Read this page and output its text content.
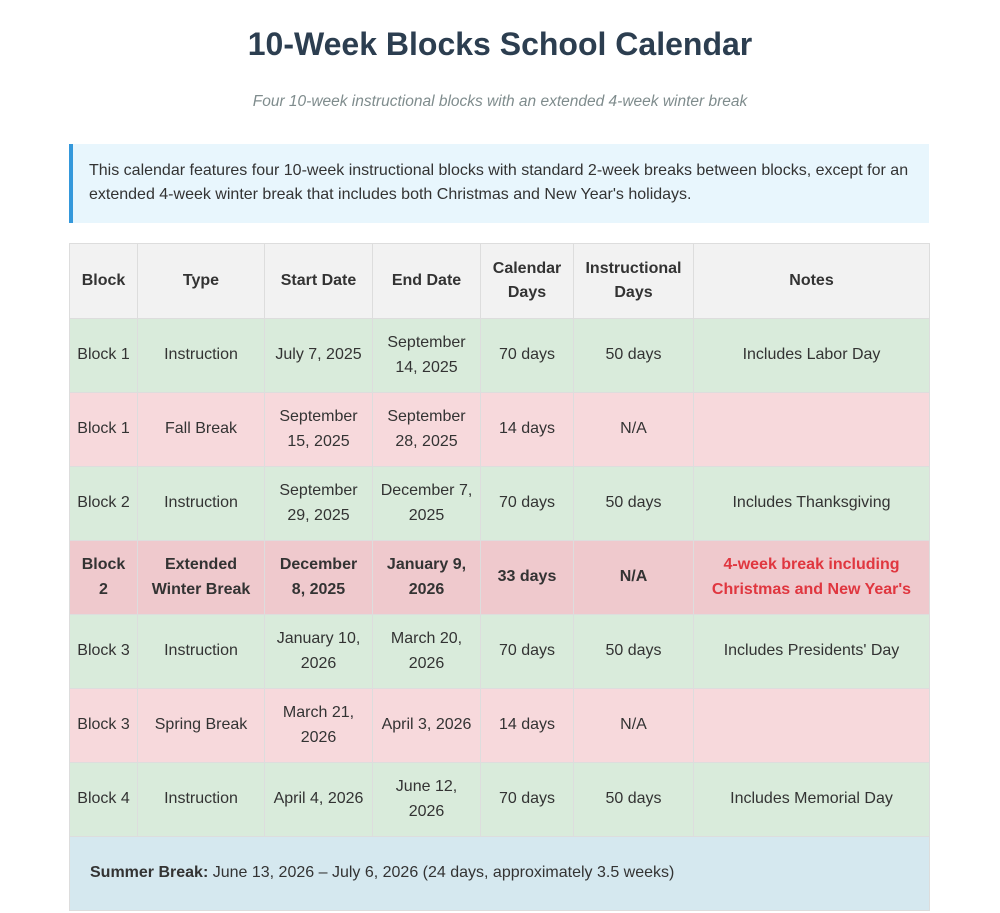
10-Week Blocks School Calendar

Four 10-week instructional blocks with an extended 4-week winter break

This calendar features four 10-week instructional blocks with standard 2-week breaks between blocks, except for an extended 4-week winter break that includes both Christmas and New Year's holidays.
Block	Type	Start Date	End Date	Calendar Days	Instructional Days	Notes
Block 1	Instruction	July 7, 2025	September 14, 2025	70 days	50 days	Includes Labor Day
Block 1	Fall Break	September 15, 2025	September 28, 2025	14 days	N/A	
Block 2	Instruction	September 29, 2025	December 7, 2025	70 days	50 days	Includes Thanksgiving
Block 2	Extended Winter Break	December 8, 2025	January 9, 2026	33 days	N/A	4-week break including Christmas and New Year's
Block 3	Instruction	January 10, 2026	March 20, 2026	70 days	50 days	Includes Presidents' Day
Block 3	Spring Break	March 21, 2026	April 3, 2026	14 days	N/A	
Block 4	Instruction	April 4, 2026	June 12, 2026	70 days	50 days	Includes Memorial Day
Summer Break: June 13, 2026 – July 6, 2026 (24 days, approximately 3.5 weeks)						
